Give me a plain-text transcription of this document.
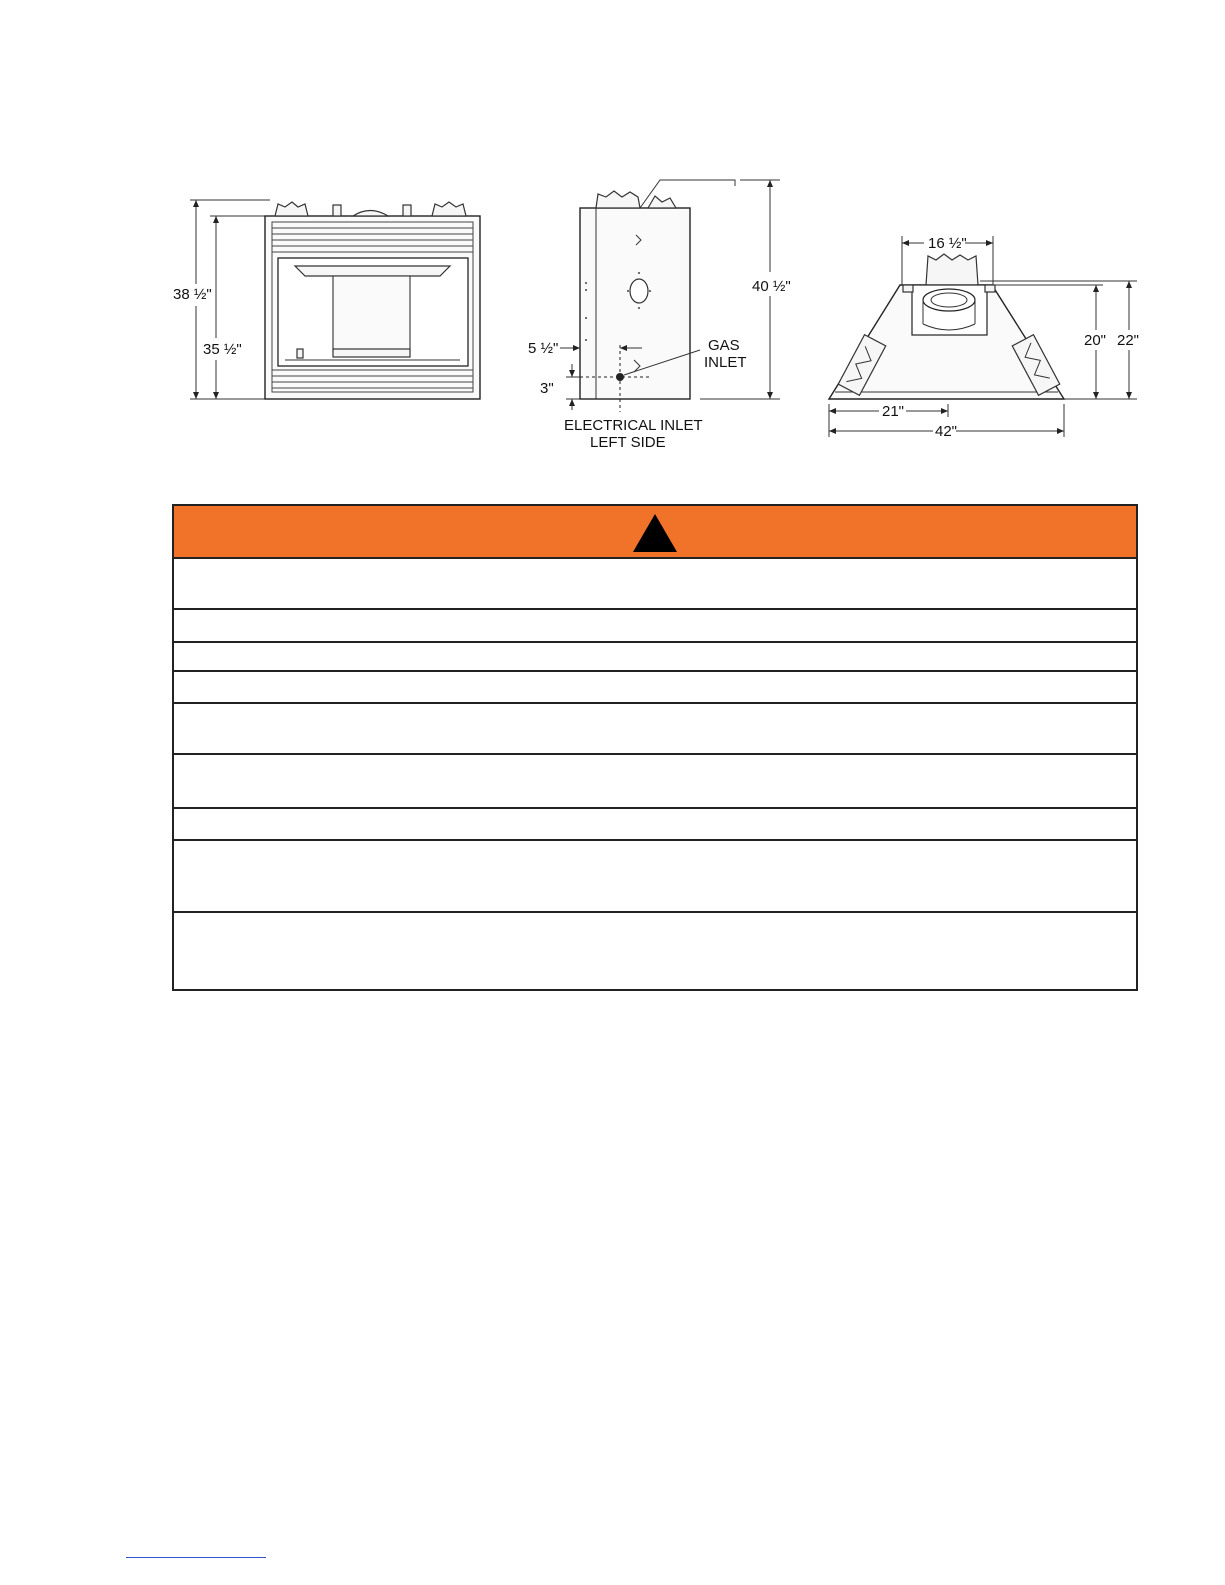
38 ½"
35 ½"
40 ½"
5 ½"
3"
GAS
INLET
ELECTRICAL INLET
LEFT SIDE
16 ½"
20" 22"
21"
42"
